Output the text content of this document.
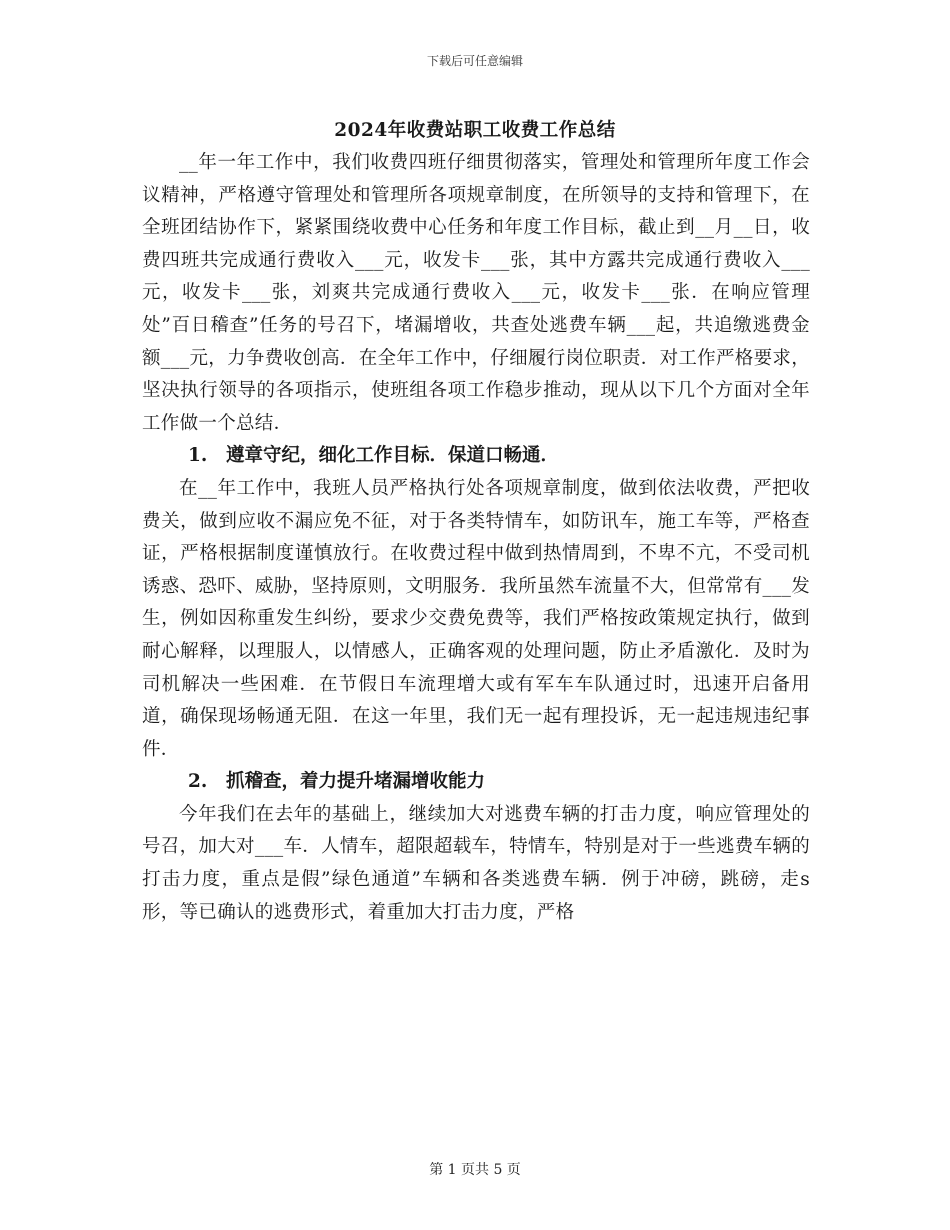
下载后可任意编辑
2024年收费站职工收费工作总结

__年一年工作中，我们收费四班仔细贯彻落实，管理处和管理所年度工作会议精神，严格遵守管理处和管理所各项规章制度，在所领导的支持和管理下，在全班团结协作下，紧紧围绕收费中心任务和年度工作目标，截止到__月__日，收费四班共完成通行费收入___元，收发卡___张，其中方露共完成通行费收入___元，收发卡___张，刘爽共完成通行费收入___元，收发卡___张．在响应管理处”百日稽查”任务的号召下，堵漏增收，共查处逃费车辆___起，共追缴逃费金额___元，力争费收创高．在全年工作中，仔细履行岗位职责．对工作严格要求，坚决执行领导的各项指示，使班组各项工作稳步推动，现从以下几个方面对全年工作做一个总结．

1. 遵章守纪，细化工作目标．保道口畅通．

在__年工作中，我班人员严格执行处各项规章制度，做到依法收费，严把收费关，做到应收不漏应免不征，对于各类特情车，如防讯车，施工车等，严格查证，严格根据制度谨慎放行。在收费过程中做到热情周到，不卑不亢，不受司机诱惑、恐吓、威胁，坚持原则，文明服务．我所虽然车流量不大，但常常有___发生，例如因称重发生纠纷，要求少交费免费等，我们严格按政策规定执行，做到耐心解释，以理服人，以情感人，正确客观的处理问题，防止矛盾激化．及时为司机解决一些困难．在节假日车流理增大或有军车车队通过时，迅速开启备用道，确保现场畅通无阻．在这一年里，我们无一起有理投诉，无一起违规违纪事件．

2. 抓稽查，着力提升堵漏增收能力

今年我们在去年的基础上，继续加大对逃费车辆的打击力度，响应管理处的号召，加大对___车．人情车，超限超载车，特情车，特别是对于一些逃费车辆的打击力度，重点是假”绿色通道”车辆和各类逃费车辆．例于冲磅，跳磅，走s形，等已确认的逃费形式，着重加大打击力度，严格

第 1 页共 5 页
